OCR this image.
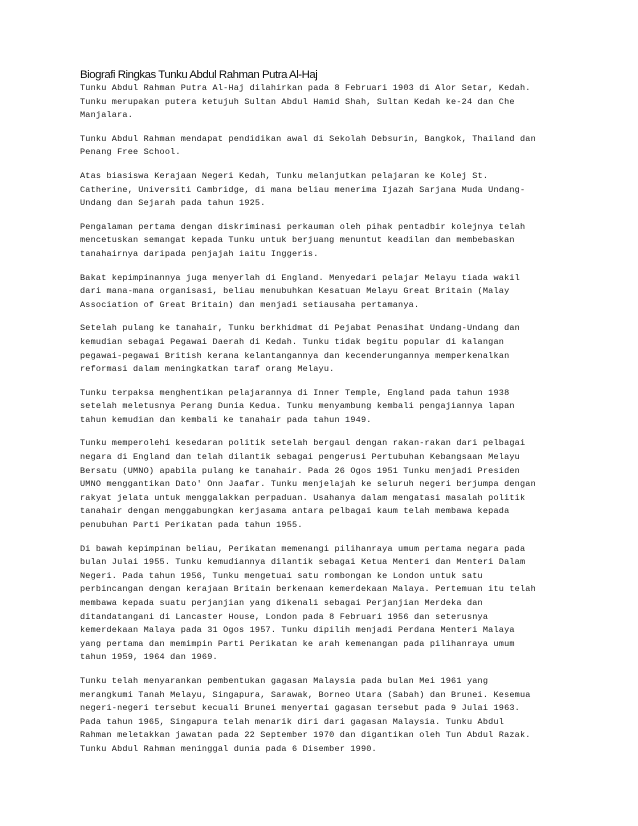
Biografi Ringkas Tunku Abdul Rahman Putra Al-Haj

Tunku Abdul Rahman Putra Al-Haj dilahirkan pada 8 Februari 1903 di Alor Setar, Kedah.
Tunku merupakan putera ketujuh Sultan Abdul Hamid Shah, Sultan Kedah ke-24 dan Che
Manjalara.

Tunku Abdul Rahman mendapat pendidikan awal di Sekolah Debsurin, Bangkok, Thailand dan
Penang Free School.

Atas biasiswa Kerajaan Negeri Kedah, Tunku melanjutkan pelajaran ke Kolej St.
Catherine, Universiti Cambridge, di mana beliau menerima Ijazah Sarjana Muda Undang-
Undang dan Sejarah pada tahun 1925.

Pengalaman pertama dengan diskriminasi perkauman oleh pihak pentadbir kolejnya telah
mencetuskan semangat kepada Tunku untuk berjuang menuntut keadilan dan membebaskan
tanahairnya daripada penjajah iaitu Inggeris.

Bakat kepimpinannya juga menyerlah di England. Menyedari pelajar Melayu tiada wakil
dari mana-mana organisasi, beliau menubuhkan Kesatuan Melayu Great Britain (Malay
Association of Great Britain) dan menjadi setiausaha pertamanya.

Setelah pulang ke tanahair, Tunku berkhidmat di Pejabat Penasihat Undang-Undang dan
kemudian sebagai Pegawai Daerah di Kedah. Tunku tidak begitu popular di kalangan
pegawai-pegawai British kerana kelantangannya dan kecenderungannya memperkenalkan
reformasi dalam meningkatkan taraf orang Melayu.

Tunku terpaksa menghentikan pelajarannya di Inner Temple, England pada tahun 1938
setelah meletusnya Perang Dunia Kedua. Tunku menyambung kembali pengajiannya lapan
tahun kemudian dan kembali ke tanahair pada tahun 1949.

Tunku memperolehi kesedaran politik setelah bergaul dengan rakan-rakan dari pelbagai
negara di England dan telah dilantik sebagai pengerusi Pertubuhan Kebangsaan Melayu
Bersatu (UMNO) apabila pulang ke tanahair. Pada 26 Ogos 1951 Tunku menjadi Presiden
UMNO menggantikan Dato' Onn Jaafar. Tunku menjelajah ke seluruh negeri berjumpa dengan
rakyat jelata untuk menggalakkan perpaduan. Usahanya dalam mengatasi masalah politik
tanahair dengan menggabungkan kerjasama antara pelbagai kaum telah membawa kepada
penubuhan Parti Perikatan pada tahun 1955.

Di bawah kepimpinan beliau, Perikatan memenangi pilihanraya umum pertama negara pada
bulan Julai 1955. Tunku kemudiannya dilantik sebagai Ketua Menteri dan Menteri Dalam
Negeri. Pada tahun 1956, Tunku mengetuai satu rombongan ke London untuk satu
perbincangan dengan kerajaan Britain berkenaan kemerdekaan Malaya. Pertemuan itu telah
membawa kepada suatu perjanjian yang dikenali sebagai Perjanjian Merdeka dan
ditandatangani di Lancaster House, London pada 8 Februari 1956 dan seterusnya
kemerdekaan Malaya pada 31 Ogos 1957. Tunku dipilih menjadi Perdana Menteri Malaya
yang pertama dan memimpin Parti Perikatan ke arah kemenangan pada pilihanraya umum
tahun 1959, 1964 dan 1969.

Tunku telah menyarankan pembentukan gagasan Malaysia pada bulan Mei 1961 yang
merangkumi Tanah Melayu, Singapura, Sarawak, Borneo Utara (Sabah) dan Brunei. Kesemua
negeri-negeri tersebut kecuali Brunei menyertai gagasan tersebut pada 9 Julai 1963.
Pada tahun 1965, Singapura telah menarik diri dari gagasan Malaysia. Tunku Abdul
Rahman meletakkan jawatan pada 22 September 1970 dan digantikan oleh Tun Abdul Razak.
Tunku Abdul Rahman meninggal dunia pada 6 Disember 1990.
